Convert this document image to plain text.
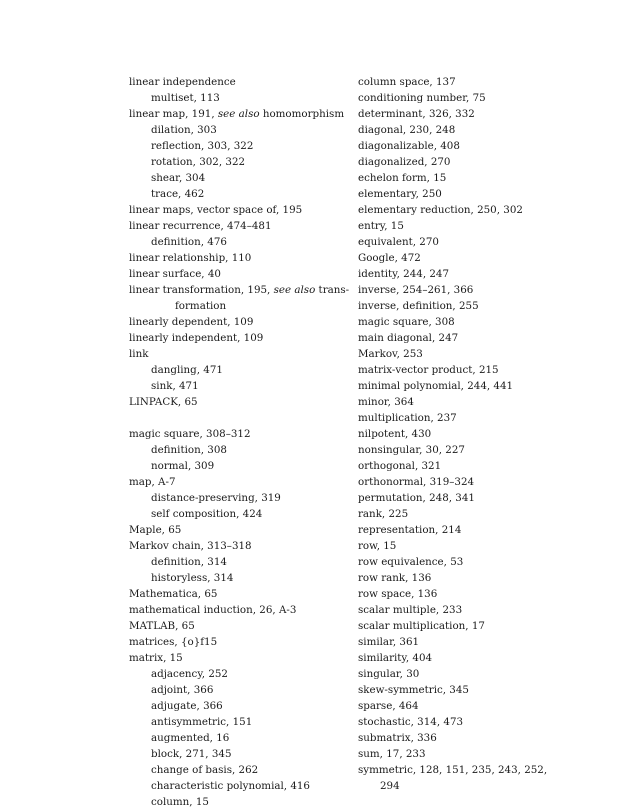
linear independence
multiset, 113
linear map, 191, see also homomorphism
dilation, 303
reflection, 303, 322
rotation, 302, 322
shear, 304
trace, 462
linear maps, vector space of, 195
linear recurrence, 474–481
definition, 476
linear relationship, 110
linear surface, 40
linear transformation, 195, see also trans-
formation
linearly dependent, 109
linearly independent, 109
link
dangling, 471
sink, 471
LINPACK, 65
magic square, 308–312
definition, 308
normal, 309
map, A-7
distance-preserving, 319
self composition, 424
Maple, 65
Markov chain, 313–318
definition, 314
historyless, 314
Mathematica, 65
mathematical induction, 26, A-3
MATLAB, 65
matrices, {o}f15
matrix, 15
adjacency, 252
adjoint, 366
adjugate, 366
antisymmetric, 151
augmented, 16
block, 271, 345
change of basis, 262
characteristic polynomial, 416
column, 15
column space, 137
conditioning number, 75
determinant, 326, 332
diagonal, 230, 248
diagonalizable, 408
diagonalized, 270
echelon form, 15
elementary, 250
elementary reduction, 250, 302
entry, 15
equivalent, 270
Google, 472
identity, 244, 247
inverse, 254–261, 366
inverse, definition, 255
magic square, 308
main diagonal, 247
Markov, 253
matrix-vector product, 215
minimal polynomial, 244, 441
minor, 364
multiplication, 237
nilpotent, 430
nonsingular, 30, 227
orthogonal, 321
orthonormal, 319–324
permutation, 248, 341
rank, 225
representation, 214
row, 15
row equivalence, 53
row rank, 136
row space, 136
scalar multiple, 233
scalar multiplication, 17
similar, 361
similarity, 404
singular, 30
skew-symmetric, 345
sparse, 464
stochastic, 314, 473
submatrix, 336
sum, 17, 233
symmetric, 128, 151, 235, 243, 252,
294
